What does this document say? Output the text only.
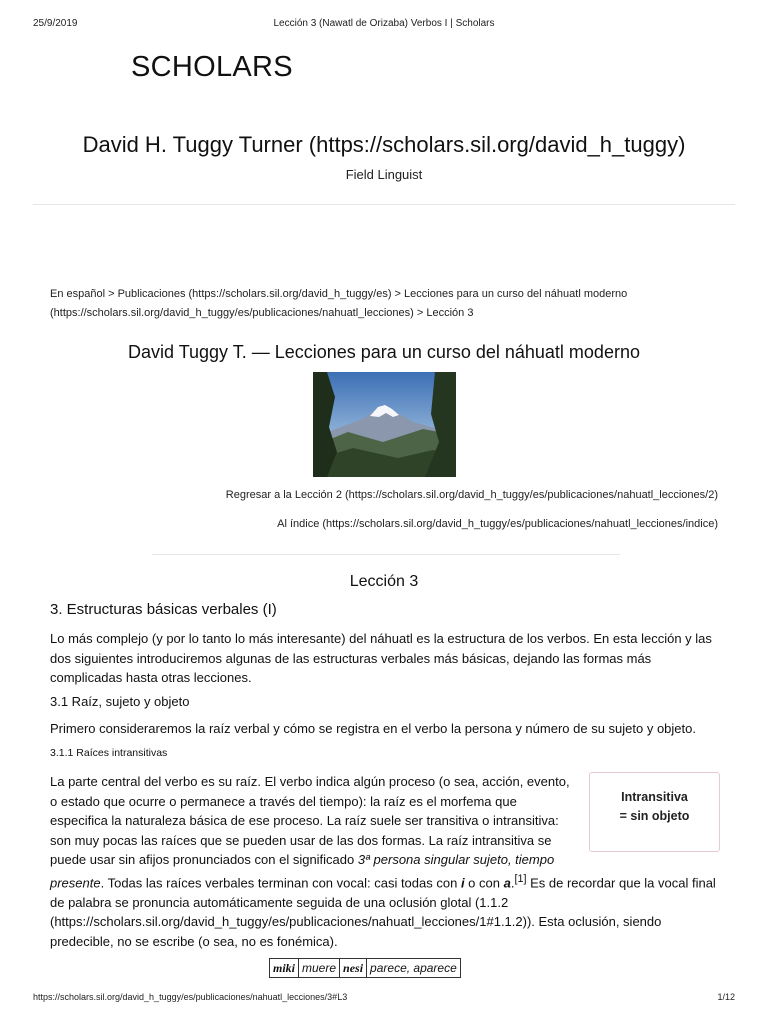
25/9/2019	Lección 3 (Nawatl de Orizaba) Verbos I | Scholars
SCHOLARS
David H. Tuggy Turner (https://scholars.sil.org/david_h_tuggy)
Field Linguist
En español > Publicaciones (https://scholars.sil.org/david_h_tuggy/es) > Lecciones para un curso del náhuatl moderno (https://scholars.sil.org/david_h_tuggy/es/publicaciones/nahuatl_lecciones) > Lección 3
David Tuggy T. — Lecciones para un curso del náhuatl moderno
Regresar a la Lección 2 (https://scholars.sil.org/david_h_tuggy/es/publicaciones/nahuatl_lecciones/2)
Al índice (https://scholars.sil.org/david_h_tuggy/es/publicaciones/nahuatl_lecciones/indice)
Lección 3
3. Estructuras básicas verbales (I)
Lo más complejo (y por lo tanto lo más interesante) del náhuatl es la estructura de los verbos. En esta lección y las dos siguientes introduciremos algunas de las estructuras verbales más básicas, dejando las formas más complicadas hasta otras lecciones.
3.1 Raíz, sujeto y objeto
Primero consideraremos la raíz verbal y cómo se registra en el verbo la persona y número de su sujeto y objeto.
3.1.1 Raíces intransitivas
Intransitiva
= sin objeto
La parte central del verbo es su raíz. El verbo indica algún proceso (o sea, acción, evento, o estado que ocurre o permanece a través del tiempo): la raíz es el morfema que especifica la naturaleza básica de ese proceso. La raíz suele ser transitiva o intransitiva: son muy pocas las raíces que se pueden usar de las dos formas. La raíz intransitiva se puede usar sin afijos pronunciados con el significado 3ª persona singular sujeto, tiempo presente. Todas las raíces verbales terminan con vocal: casi todas con i o con a.[1] Es de recordar que la vocal final de palabra se pronuncia automáticamente seguida de una oclusión glotal (1.1.2 (https://scholars.sil.org/david_h_tuggy/es/publicaciones/nahuatl_lecciones/1#1.1.2)). Esta oclusión, siendo predecible, no se escribe (o sea, no es fonémica).
miki	muere	nesi	parece, aparece
https://scholars.sil.org/david_h_tuggy/es/publicaciones/nahuatl_lecciones/3#L3	1/12
